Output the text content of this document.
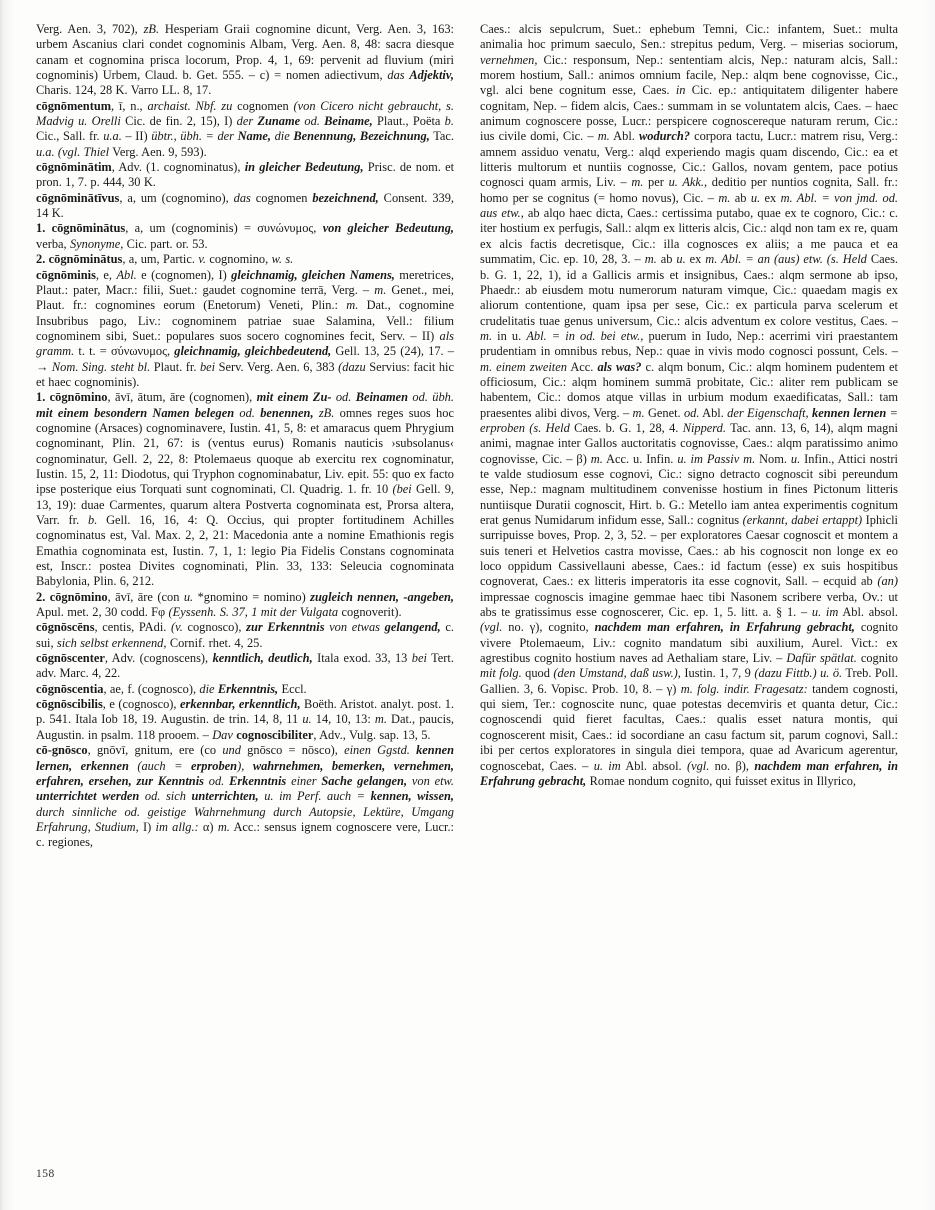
Verg. Aen. 3, 702), zB. Hesperiam Graii cognomine dicunt, Verg. Aen. 3, 163: urbem Ascanius clari condet cognominis Albam, Verg. Aen. 8, 48: sacra diesque canam et cognomina prisca locorum, Prop. 4, 1, 69: pervenit ad fluvium (miri cognominis) Urbem, Claud. b. Get. 555. – c) = nomen adiectivum, das Adjektiv, Charis. 124, 28 K. Varro LL. 8, 17.

cōgnōmentum, ī, n., archaist. Nbf. zu cognomen (von Cicero nicht gebraucht, s. Madvig u. Orelli Cic. de fin. 2, 15), I) der Zuname od. Beiname, Plaut., Poëta b. Cic., Sall. fr. u.a. – II) übtr., übh. = der Name, die Benennung, Bezeichnung, Tac. u.a. (vgl. Thiel Verg. Aen. 9, 593).

cōgnōminātim, Adv. (1. cognominatus), in gleicher Bedeutung, Prisc. de nom. et pron. 1, 7. p. 444, 30 K.

cōgnōminātīvus, a, um (cognomino), das cognomen bezeichnend, Consent. 339, 14 K.

1. cōgnōminātus, a, um (cognominis) = συνώνυμος, von gleicher Bedeutung, verba, Synonyme, Cic. part. or. 53.

2. cōgnōminātus, a, um, Partic. v. cognomino, w. s.

cōgnōminis, e, Abl. e (cognomen), I) gleichnamig, gleichen Namens, meretrices, Plaut.: pater, Macr.: filii, Suet.: gaudet cognomine terrā, Verg. – m. Genet., mei, Plaut. fr.: cognomines eorum (Enetorum) Veneti, Plin.: m. Dat., cognomine Insubribus pago, Liv.: cognominem patriae suae Salamina, Vell.: filium cognominem sibi, Suet.: populares suos socero cognomines fecit, Serv. – II) als gramm. t. t. = σύνωνυμος, gleichnamig, gleichbedeutend, Gell. 13, 25 (24), 17. – → Nom. Sing. steht bl. Plaut. fr. bei Serv. Verg. Aen. 6, 383 (dazu Servius: facit hic et haec cognominis).

1. cōgnōmino, āvī, ātum, āre (cognomen), mit einem Zu- od. Beinamen od. übh. mit einem besondern Namen belegen od. benennen, zB. omnes reges suos hoc cognomine (Arsaces) cognominavere, Iustin. 41, 5, 8: et amaracus quem Phrygium cognominant, Plin. 21, 67: is (ventus eurus) Romanis nauticis ›subsolanus‹ cognominatur, Gell. 2, 22, 8: Ptolemaeus quoque ab exercitu rex cognominatur, Iustin. 15, 2, 11: Diodotus, qui Tryphon cognominabatur, Liv. epit. 55: quo ex facto ipse posterique eius Torquati sunt cognominati, Cl. Quadrig. 1. fr. 10 (bei Gell. 9, 13, 19): duae Carmentes, quarum altera Postverta cognominata est, Prorsa altera, Varr. fr. b. Gell. 16, 16, 4: Q. Occius, qui propter fortitudinem Achilles cognominatus est, Val. Max. 2, 2, 21: Macedonia ante a nomine Emathionis regis Emathia cognominata est, Iustin. 7, 1, 1: legio Pia Fidelis Constans cognominata est, Inscr.: postea Divites cognominati, Plin. 33, 133: Seleucia cognominata Babylonia, Plin. 6, 212.

2. cōgnōmino, āvī, āre (con u. *gnomino = nomino) zugleich nennen, -angeben, Apul. met. 2, 30 codd. Fφ (Eyssenh. S. 37, 1 mit der Vulgata cognoverit).

cōgnōscēns, centis, PAdi. (v. cognosco), zur Erkenntnis von etwas gelangend, c. sui, sich selbst erkennend, Cornif. rhet. 4, 25.

cōgnōscenter, Adv. (cognoscens), kenntlich, deutlich, Itala exod. 33, 13 bei Tert. adv. Marc. 4, 22.

cōgnōscentia, ae, f. (cognosco), die Erkenntnis, Eccl.

cōgnōscibilis, e (cognosco), erkennbar, erkenntlich, Boëth. Aristot. analyt. post. 1. p. 541. Itala Iob 18, 19. Augustin. de trin. 14, 8, 11 u. 14, 10, 13: m. Dat., paucis, Augustin. in psalm. 118 prooem. – Dav cognoscibiliter, Adv., Vulg. sap. 13, 5.

cō-gnōsco, gnōvī, gnitum, ere (co und gnōsco = nōsco), einen Ggstd. kennen lernen, erkennen (auch = erproben), wahrnehmen, bemerken, vernehmen, erfahren, ersehen, zur Kenntnis od. Erkenntnis einer Sache gelangen, von etw. unterrichtet werden od. sich unterrichten, u. im Perf. auch = kennen, wissen, durch sinnliche od. geistige Wahrnehmung durch Autopsie, Lektüre, Umgang Erfahrung, Studium, I) im allg.: α) m. Acc.: sensus ignem cognoscere vere, Lucr.: c. regiones,

Caes.: alcis sepulcrum, Suet.: ephebum Temni, Cic.: infantem, Suet.: multa animalia hoc primum saeculo, Sen.: strepitus pedum, Verg. – miserias sociorum, vernehmen, Cic.: responsum, Nep.: sententiam alcis, Nep.: naturam alcis, Sall.: morem hostium, Sall.: animos omnium facile, Nep.: alqm bene cognovisse, Cic., vgl. alci bene cognitum esse, Caes. in Cic. ep.: antiquitatem diligenter habere cognitam, Nep. – fidem alcis, Caes.: summam in se voluntatem alcis, Caes. – haec animum cognoscere posse, Lucr.: perspicere cognoscereque naturam rerum, Cic.: ius civile domi, Cic. – m. Abl. wodurch? corpora tactu, Lucr.: matrem risu, Verg.: amnem assiduo venatu, Verg.: alqd experiendo magis quam discendo, Cic.: ea et litteris multorum et nuntiis cognosse, Cic.: Gallos, novam gentem, pace potius cognosci quam armis, Liv. – m. per u. Akk., deditio per nuntios cognita, Sall. fr.: homo per se cognitus (= homo novus), Cic. – m. ab u. ex m. Abl. = von jmd. od. aus etw., ab alqo haec dicta, Caes.: certissima putabo, quae ex te cognoro, Cic.: c. iter hostium ex perfugis, Sall.: alqm ex litteris alcis, Cic.: alqd non tam ex re, quam ex alcis factis decretisque, Cic.: illa cognosces ex aliis; a me pauca et ea summatim, Cic. ep. 10, 28, 3. – m. ab u. ex m. Abl. = an (aus) etw. (s. Held Caes. b. G. 1, 22, 1), id a Gallicis armis et insignibus, Caes.: alqm sermone ab ipso, Phaedr.: ab eiusdem motu numerorum naturam vimque, Cic.: quaedam magis ex aliorum contentione, quam ipsa per sese, Cic.: ex particula parva scelerum et crudelitatis tuae genus universum, Cic.: alcis adventum ex colore vestitus, Caes. – m. in u. Abl. = in od. bei etw., puerum in Iudo, Nep.: acerrimi viri praestantem prudentiam in omnibus rebus, Nep.: quae in vivis modo cognosci possunt, Cels. – m. einem zweiten Acc. als was? c. alqm bonum, Cic.: alqm hominem pudentem et officiosum, Cic.: alqm hominem summā probitate, Cic.: aliter rem publicam se habentem, Cic.: domos atque villas in urbium modum exaedificatas, Sall.: tam praesentes alibi divos, Verg. – m. Genet. od. Abl. der Eigenschaft, kennen lernen = erproben (s. Held Caes. b. G. 1, 28, 4. Nipperd. Tac. ann. 13, 6, 14), alqm magni animi, magnae inter Gallos auctoritatis cognovisse, Caes.: alqm paratissimo animo cognovisse, Cic. – β) m. Acc. u. Infin. u. im Passiv m. Nom. u. Infin., Attici nostri te valde studiosum esse cognovi, Cic.: signo detracto cognoscit sibi pereundum esse, Nep.: magnam multitudinem convenisse hostium in fines Pictonum litteris nuntiisque Duratii cognoscit, Hirt. b. G.: Metello iam antea experimentis cognitum erat genus Numidarum infidum esse, Sall.: cognitus (erkannt, dabei ertappt) Iphicli surripuisse boves, Prop. 2, 3, 52. – per exploratores Caesar cognoscit et montem a suis teneri et Helvetios castra movisse, Caes.: ab his cognoscit non longe ex eo loco oppidum Cassivellauni abesse, Caes.: id factum (esse) ex suis hospitibus cognoverat, Caes.: ex litteris imperatoris ita esse cognovit, Sall. – ecquid ab (an) impressae cognoscis imagine gemmae haec tibi Nasonem scribere verba, Ov.: ut abs te gratissimus esse cognoscerer, Cic. ep. 1, 5. litt. a. § 1. – u. im Abl. absol. (vgl. no. γ), cognito, nachdem man erfahren, in Erfahrung gebracht, cognito vivere Ptolemaeum, Liv.: cognito mandatum sibi auxilium, Aurel. Vict.: ex agrestibus cognito hostium naves ad Aethaliam stare, Liv. – Dafür spätlat. cognito mit folg. quod (den Umstand, daß usw.), Iustin. 1, 7, 9 (dazu Fittb.) u. ö. Treb. Poll. Gallien. 3, 6. Vopisc. Prob. 10, 8. – γ) m. folg. indir. Fragesatz: tandem cognosti, qui siem, Ter.: cognoscite nunc, quae potestas decemviris et quanta detur, Cic.: cognoscendi quid fieret facultas, Caes.: qualis esset natura montis, qui cognoscerent misit, Caes.: id socordiane an casu factum sit, parum cognovi, Sall.: ibi per certos exploratores in singula diei tempora, quae ad Avaricum agerentur, cognoscebat, Caes. – u. im Abl. absol. (vgl. no. β), nachdem man erfahren, in Erfahrung gebracht, Romae nondum cognito, qui fuisset exitus in Illyrico,

158
